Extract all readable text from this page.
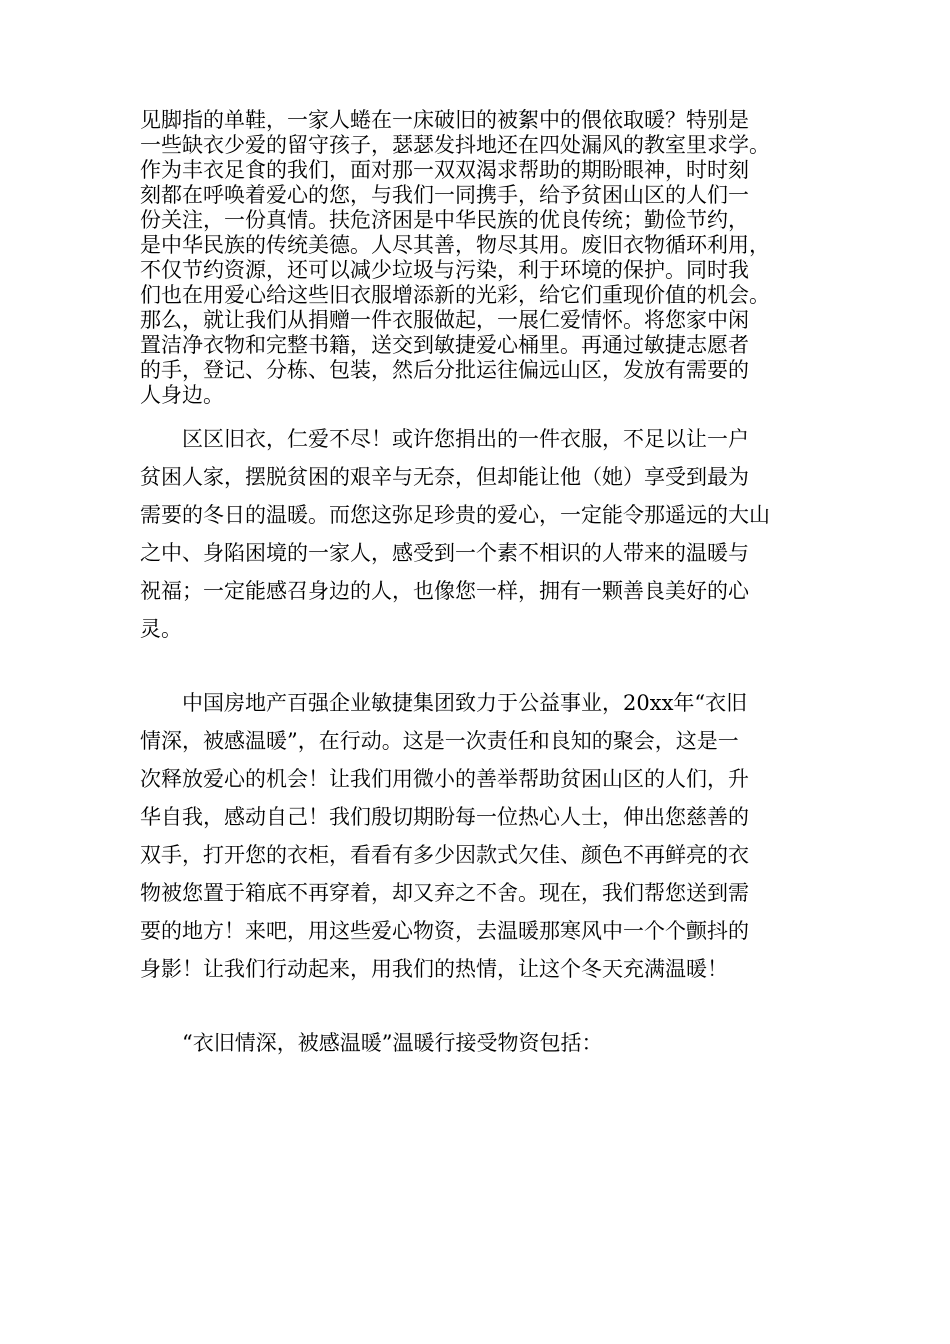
见脚指的单鞋，一家人蜷在一床破旧的被絮中的偎依取暖？特别是
一些缺衣少爱的留守孩子，瑟瑟发抖地还在四处漏风的教室里求学。
作为丰衣足食的我们，面对那一双双渴求帮助的期盼眼神，时时刻
刻都在呼唤着爱心的您，与我们一同携手，给予贫困山区的人们一
份关注，一份真情。扶危济困是中华民族的优良传统；勤俭节约，
是中华民族的传统美德。人尽其善，物尽其用。废旧衣物循环利用，
不仅节约资源，还可以减少垃圾与污染，利于环境的保护。同时我
们也在用爱心给这些旧衣服增添新的光彩，给它们重现价值的机会。
那么，就让我们从捐赠一件衣服做起，一展仁爱情怀。将您家中闲
置洁净衣物和完整书籍，送交到敏捷爱心桶里。再通过敏捷志愿者
的手，登记、分栋、包装，然后分批运往偏远山区，发放有需要的
人身边。

　　区区旧衣，仁爱不尽！或许您捐出的一件衣服，不足以让一户
贫困人家，摆脱贫困的艰辛与无奈，但却能让他（她）享受到最为
需要的冬日的温暖。而您这弥足珍贵的爱心，一定能令那遥远的大山
之中、身陷困境的一家人，感受到一个素不相识的人带来的温暖与
祝福；一定能感召身边的人，也像您一样，拥有一颗善良美好的心
灵。

　　中国房地产百强企业敏捷集团致力于公益事业，20xx年“衣旧
情深，被感温暖”，在行动。这是一次责任和良知的聚会，这是一
次释放爱心的机会！让我们用微小的善举帮助贫困山区的人们，升
华自我，感动自己！我们殷切期盼每一位热心人士，伸出您慈善的
双手，打开您的衣柜，看看有多少因款式欠佳、颜色不再鲜亮的衣
物被您置于箱底不再穿着，却又弃之不舍。现在，我们帮您送到需
要的地方！来吧，用这些爱心物资，去温暖那寒风中一个个颤抖的
身影！让我们行动起来，用我们的热情，让这个冬天充满温暖！

　　“衣旧情深，被感温暖”温暖行接受物资包括：
